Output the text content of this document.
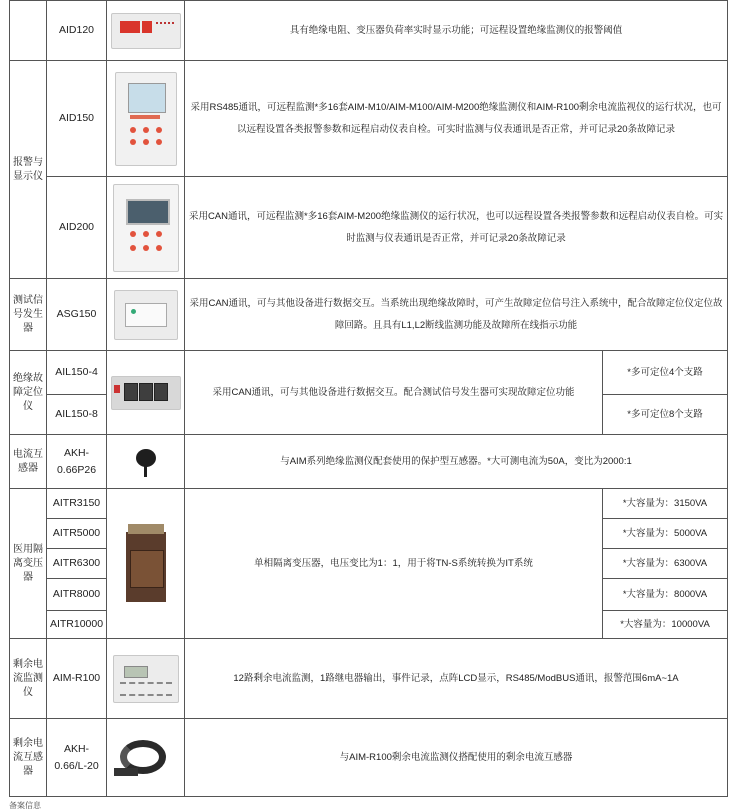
	AID120		具有绝缘电阻、变压器负荷率实时显示功能；可远程设置绝缘监测仪的报警阈值	
报警与显示仪	AID150		采用RS485通讯，可远程监测*多16套AIM-M10/AIM-M100/AIM-M200绝缘监测仪和AIM-R100剩余电流监视仪的运行状况，也可以远程设置各类报警参数和远程启动仪表自检。可实时监测与仪表通讯是否正常，并可记录20条故障记录	
	AID200		采用CAN通讯，可远程监测*多16套AIM-M200绝缘监测仪的运行状况，也可以远程设置各类报警参数和远程启动仪表自检。可实时监测与仪表通讯是否正常，并可记录20条故障记录	
测试信号发生器	ASG150		采用CAN通讯，可与其他设备进行数据交互。当系统出现绝缘故障时，可产生故障定位信号注入系统中，配合故障定位仪定位故障回路。且具有L1,L2断线监测功能及故障所在线指示功能	
绝缘故障定位仪	AIL150-4		采用CAN通讯，可与其他设备进行数据交互。配合测试信号发生器可实现故障定位功能	*多可定位4个支路
	AIL150-8			*多可定位8个支路
电流互感器	AKH-0.66P26		与AIM系列绝缘监测仪配套使用的保护型互感器。*大可测电流为50A，变比为2000:1	
医用隔离变压器	AITR3150		单相隔离变压器，电压变比为1：1，用于将TN-S系统转换为IT系统	*大容量为：3150VA
	AITR5000			*大容量为：5000VA
	AITR6300			*大容量为：6300VA
	AITR8000			*大容量为：8000VA
	AITR10000			*大容量为：10000VA
剩余电流监测仪	AIM-R100		12路剩余电流监测，1路继电器输出，事件记录，点阵LCD显示，RS485/ModBUS通讯，报警范围6mA~1A	
剩余电流互感器	AKH-0.66/L-20		与AIM-R100剩余电流监测仪搭配使用的剩余电流互感器	
备案信息
